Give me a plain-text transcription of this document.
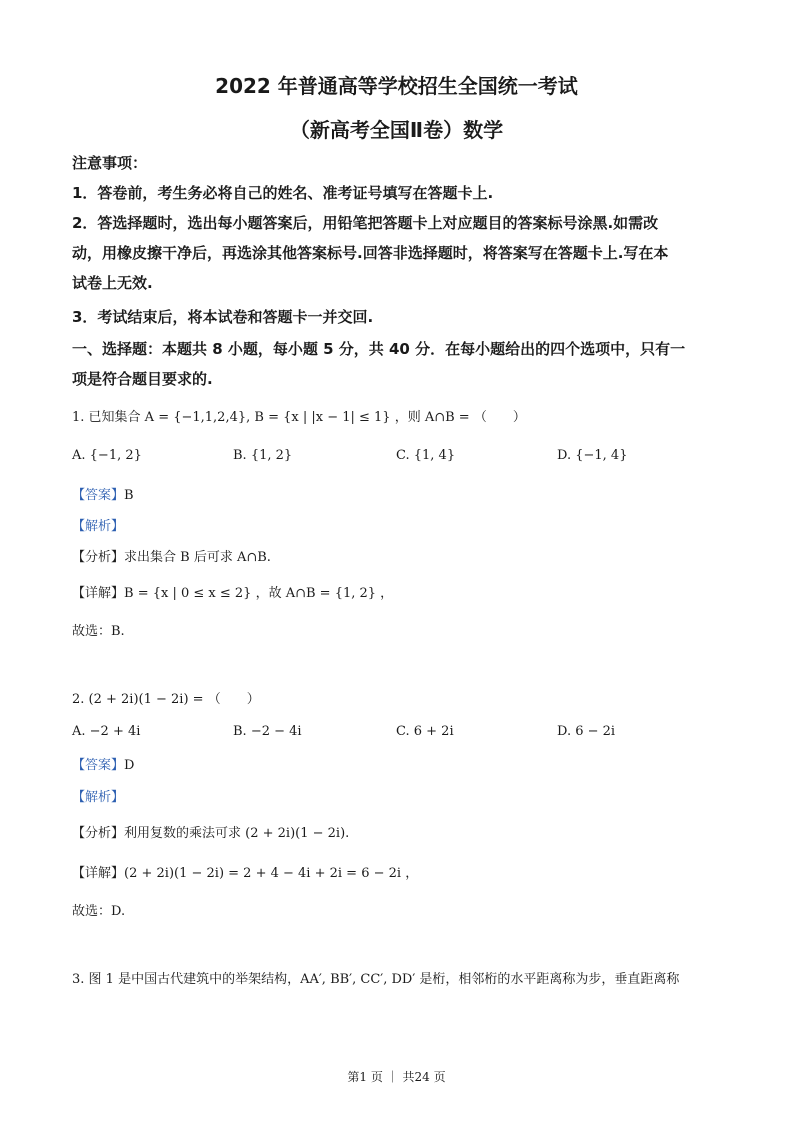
2022 年普通高等学校招生全国统一考试
（新高考全国Ⅱ卷）数学
注意事项：
1．答卷前，考生务必将自己的姓名、准考证号填写在答题卡上.
2．答选择题时，选出每小题答案后，用铅笔把答题卡上对应题目的答案标号涂黑.如需改
动，用橡皮擦干净后，再选涂其他答案标号.回答非选择题时，将答案写在答题卡上.写在本
试卷上无效.
3．考试结束后，将本试卷和答题卡一并交回.
一、选择题：本题共 8 小题，每小题 5 分，共 40 分．在每小题给出的四个选项中，只有一
项是符合题目要求的.
1. 已知集合 A = {−1,1,2,4}, B = {x | |x − 1| ≤ 1} ，则 A∩B = （　　）
A. {−1, 2}	B. {1, 2}	C. {1, 4}	D. {−1, 4}
【答案】B
【解析】
【分析】求出集合 B 后可求 A∩B.
【详解】B = {x | 0 ≤ x ≤ 2} ，故 A∩B = {1, 2} ，
故选：B.
2. (2 + 2i)(1 − 2i) = （　　）
A. −2 + 4i	B. −2 − 4i	C. 6 + 2i	D. 6 − 2i
【答案】D
【解析】
【分析】利用复数的乘法可求 (2 + 2i)(1 − 2i).
【详解】(2 + 2i)(1 − 2i) = 2 + 4 − 4i + 2i = 6 − 2i ，
故选：D.
3. 图 1 是中国古代建筑中的举架结构，AA′, BB′, CC′, DD′ 是桁，相邻桁的水平距离称为步，垂直距离称
第1 页 ｜ 共24 页
